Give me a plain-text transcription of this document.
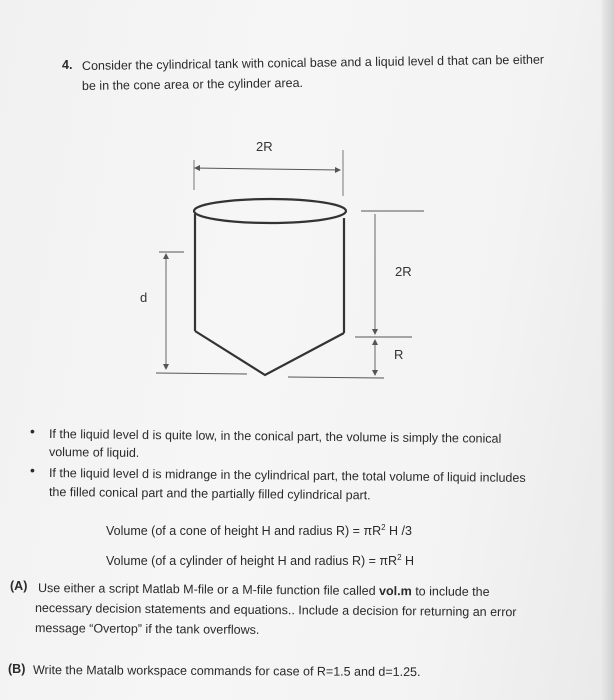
4. Consider the cylindrical tank with conical base and a liquid level d that can be either
be in the cone area or the cylinder area.
2R
2R
R
d
• If the liquid level d is quite low, in the conical part, the volume is simply the conical
volume of liquid.
• If the liquid level d is midrange in the cylindrical part, the total volume of liquid includes
the filled conical part and the partially filled cylindrical part.
Volume (of a cone of height H and radius $R) = \pi R^2$ H /3
Volume (of a cylinder of height H and radius $R) = \pi R^2$ H
(A) Use either a script Matlab M-file or a M-file function file called vol.m to include the
necessary decision statements and equations.. Include a decision for returning an error
message “Overtop” if the tank overflows.
(B) Write the Matalb workspace commands for case of R=1.5 and d=1.25.
